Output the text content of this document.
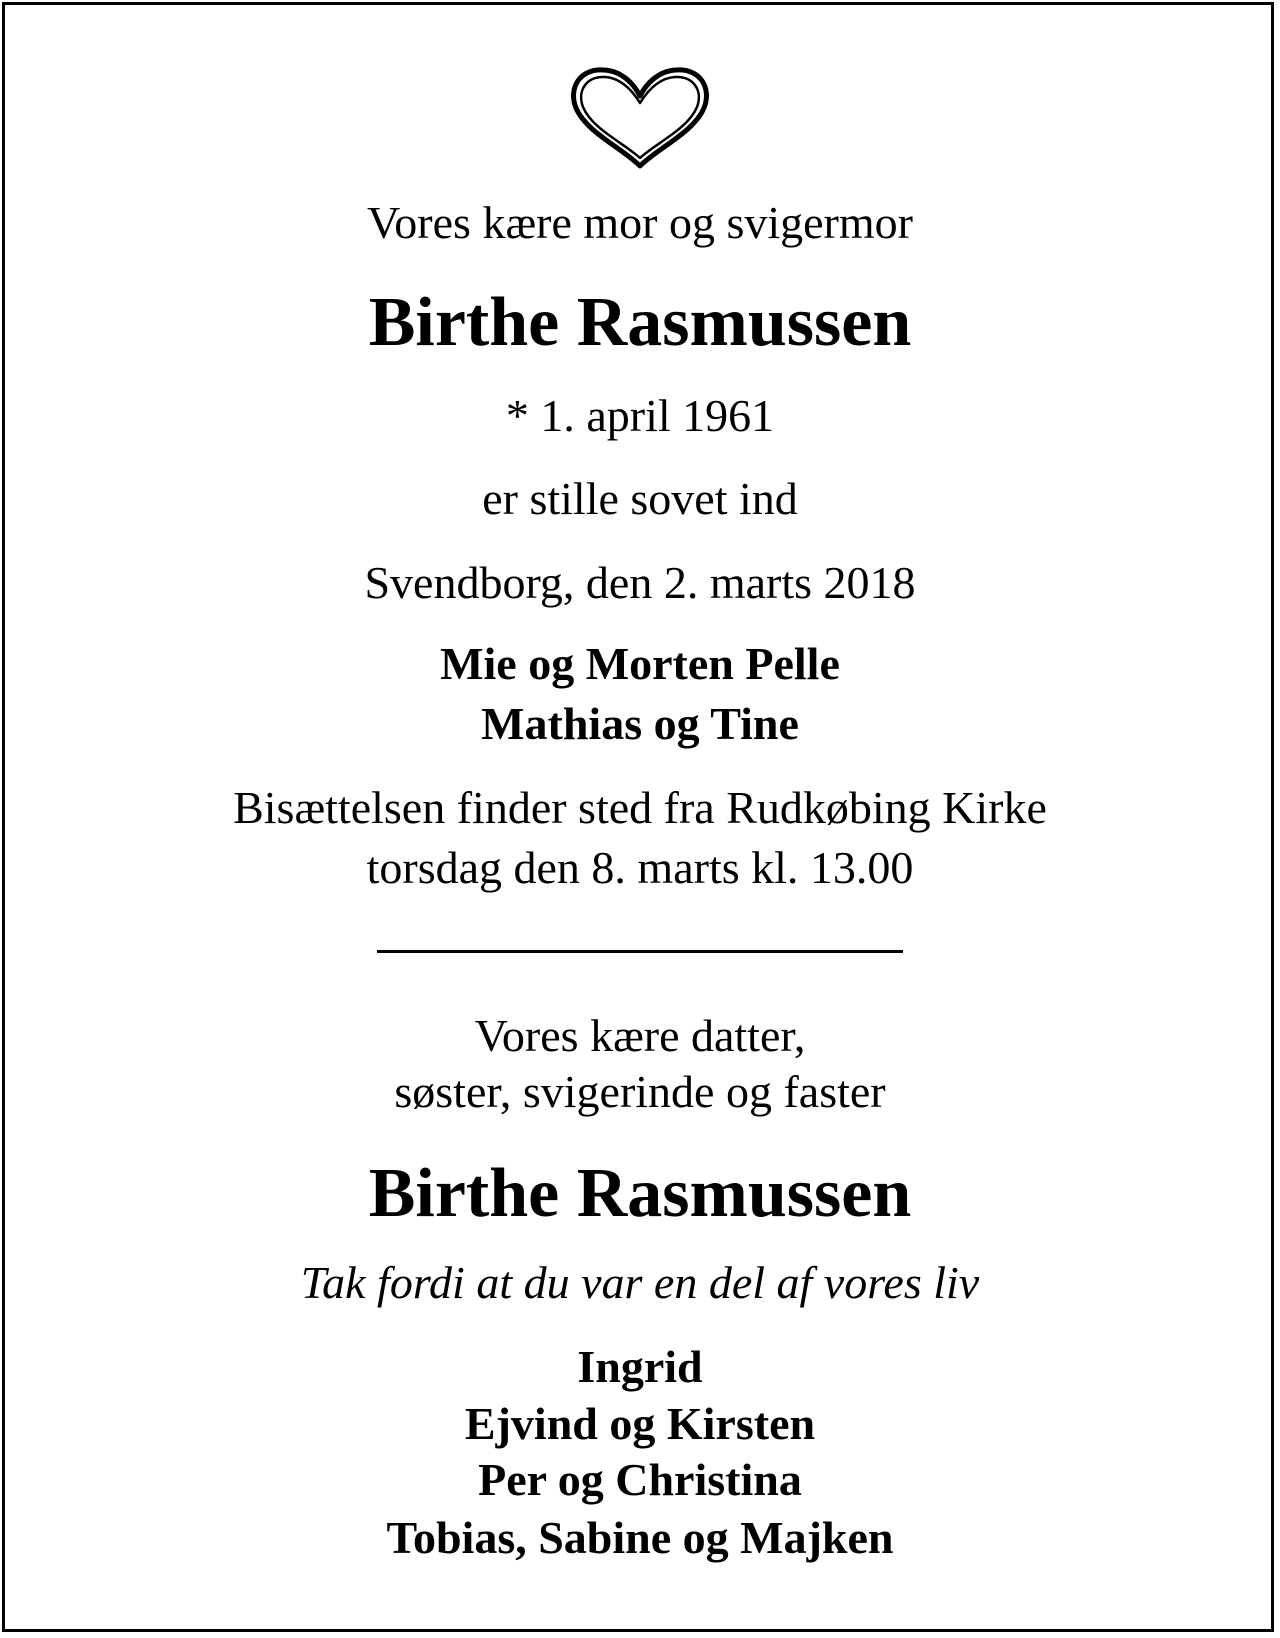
Vores kære mor og svigermor

Birthe Rasmussen

* 1. april 1961

er stille sovet ind

Svendborg, den 2. marts 2018

Mie og Morten Pelle

Mathias og Tine

Bisættelsen finder sted fra Rudkøbing Kirke

torsdag den 8. marts kl. 13.00

Vores kære datter,

søster, svigerinde og faster

Birthe Rasmussen

Tak fordi at du var en del af vores liv

Ingrid

Ejvind og Kirsten

Per og Christina

Tobias, Sabine og Majken
